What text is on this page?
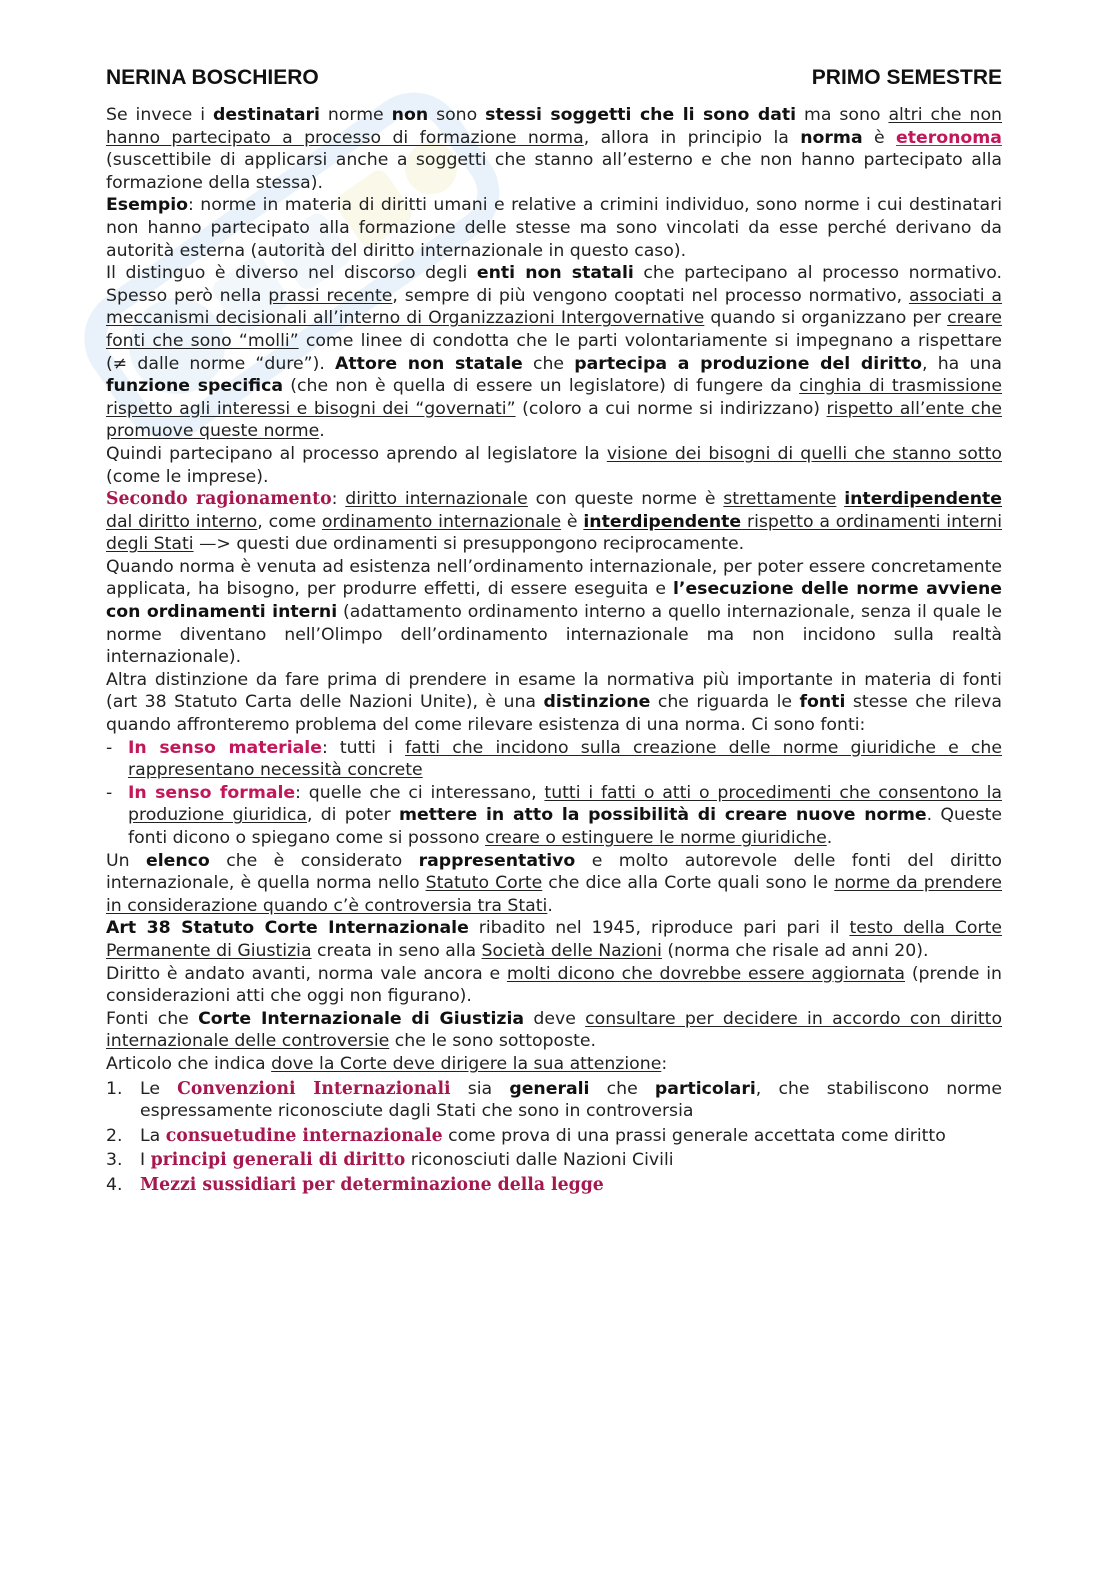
NERINA BOSCHIERO	PRIMO SEMESTRE

Se invece i destinatari norme non sono stessi soggetti che li sono dati ma sono altri che non hanno partecipato a processo di formazione norma, allora in principio la norma è eteronoma (suscettibile di applicarsi anche a soggetti che stanno all’esterno e che non hanno partecipato alla formazione della stessa).

Esempio: norme in materia di diritti umani e relative a crimini individuo, sono norme i cui destinatari non hanno partecipato alla formazione delle stesse ma sono vincolati da esse perché derivano da autorità esterna (autorità del diritto internazionale in questo caso).

Il distinguo è diverso nel discorso degli enti non statali che partecipano al processo normativo. Spesso però nella prassi recente, sempre di più vengono cooptati nel processo normativo, associati a meccanismi decisionali all’interno di Organizzazioni Intergovernative quando si organizzano per creare fonti che sono “molli” come linee di condotta che le parti volontariamente si impegnano a rispettare (≠ dalle norme “dure”). Attore non statale che partecipa a produzione del diritto, ha una funzione specifica (che non è quella di essere un legislatore) di fungere da cinghia di trasmissione rispetto agli interessi e bisogni dei “governati” (coloro a cui norme si indirizzano) rispetto all’ente che promuove queste norme.

Quindi partecipano al processo aprendo al legislatore la visione dei bisogni di quelli che stanno sotto (come le imprese).

Secondo ragionamento: diritto internazionale con queste norme è strettamente interdipendente dal diritto interno, come ordinamento internazionale è interdipendente rispetto a ordinamenti interni degli Stati —> questi due ordinamenti si presuppongono reciprocamente.

Quando norma è venuta ad esistenza nell’ordinamento internazionale, per poter essere concretamente applicata, ha bisogno, per produrre effetti, di essere eseguita e l’esecuzione delle norme avviene con ordinamenti interni (adattamento ordinamento interno a quello internazionale, senza il quale le norme diventano nell’Olimpo dell’ordinamento internazionale ma non incidono sulla realtà internazionale).

Altra distinzione da fare prima di prendere in esame la normativa più importante in materia di fonti (art 38 Statuto Carta delle Nazioni Unite), è una distinzione che riguarda le fonti stesse che rileva quando affronteremo problema del come rilevare esistenza di una norma. Ci sono fonti:

- In senso materiale: tutti i fatti che incidono sulla creazione delle norme giuridiche e che rappresentano necessità concrete

- In senso formale: quelle che ci interessano, tutti i fatti o atti o procedimenti che consentono la produzione giuridica, di poter mettere in atto la possibilità di creare nuove norme. Queste fonti dicono o spiegano come si possono creare o estinguere le norme giuridiche.

Un elenco che è considerato rappresentativo e molto autorevole delle fonti del diritto internazionale, è quella norma nello Statuto Corte che dice alla Corte quali sono le norme da prendere in considerazione quando c’è controversia tra Stati.

Art 38 Statuto Corte Internazionale ribadito nel 1945, riproduce pari pari il testo della Corte Permanente di Giustizia creata in seno alla Società delle Nazioni (norma che risale ad anni 20).

Diritto è andato avanti, norma vale ancora e molti dicono che dovrebbe essere aggiornata (prende in considerazioni atti che oggi non figurano).

Fonti che Corte Internazionale di Giustizia deve consultare per decidere in accordo con diritto internazionale delle controversie che le sono sottoposte.

Articolo che indica dove la Corte deve dirigere la sua attenzione:

1. Le Convenzioni Internazionali sia generali che particolari, che stabiliscono norme espressamente riconosciute dagli Stati che sono in controversia

2. La consuetudine internazionale come prova di una prassi generale accettata come diritto

3. I principi generali di diritto riconosciuti dalle Nazioni Civili

4. Mezzi sussidiari per determinazione della legge
